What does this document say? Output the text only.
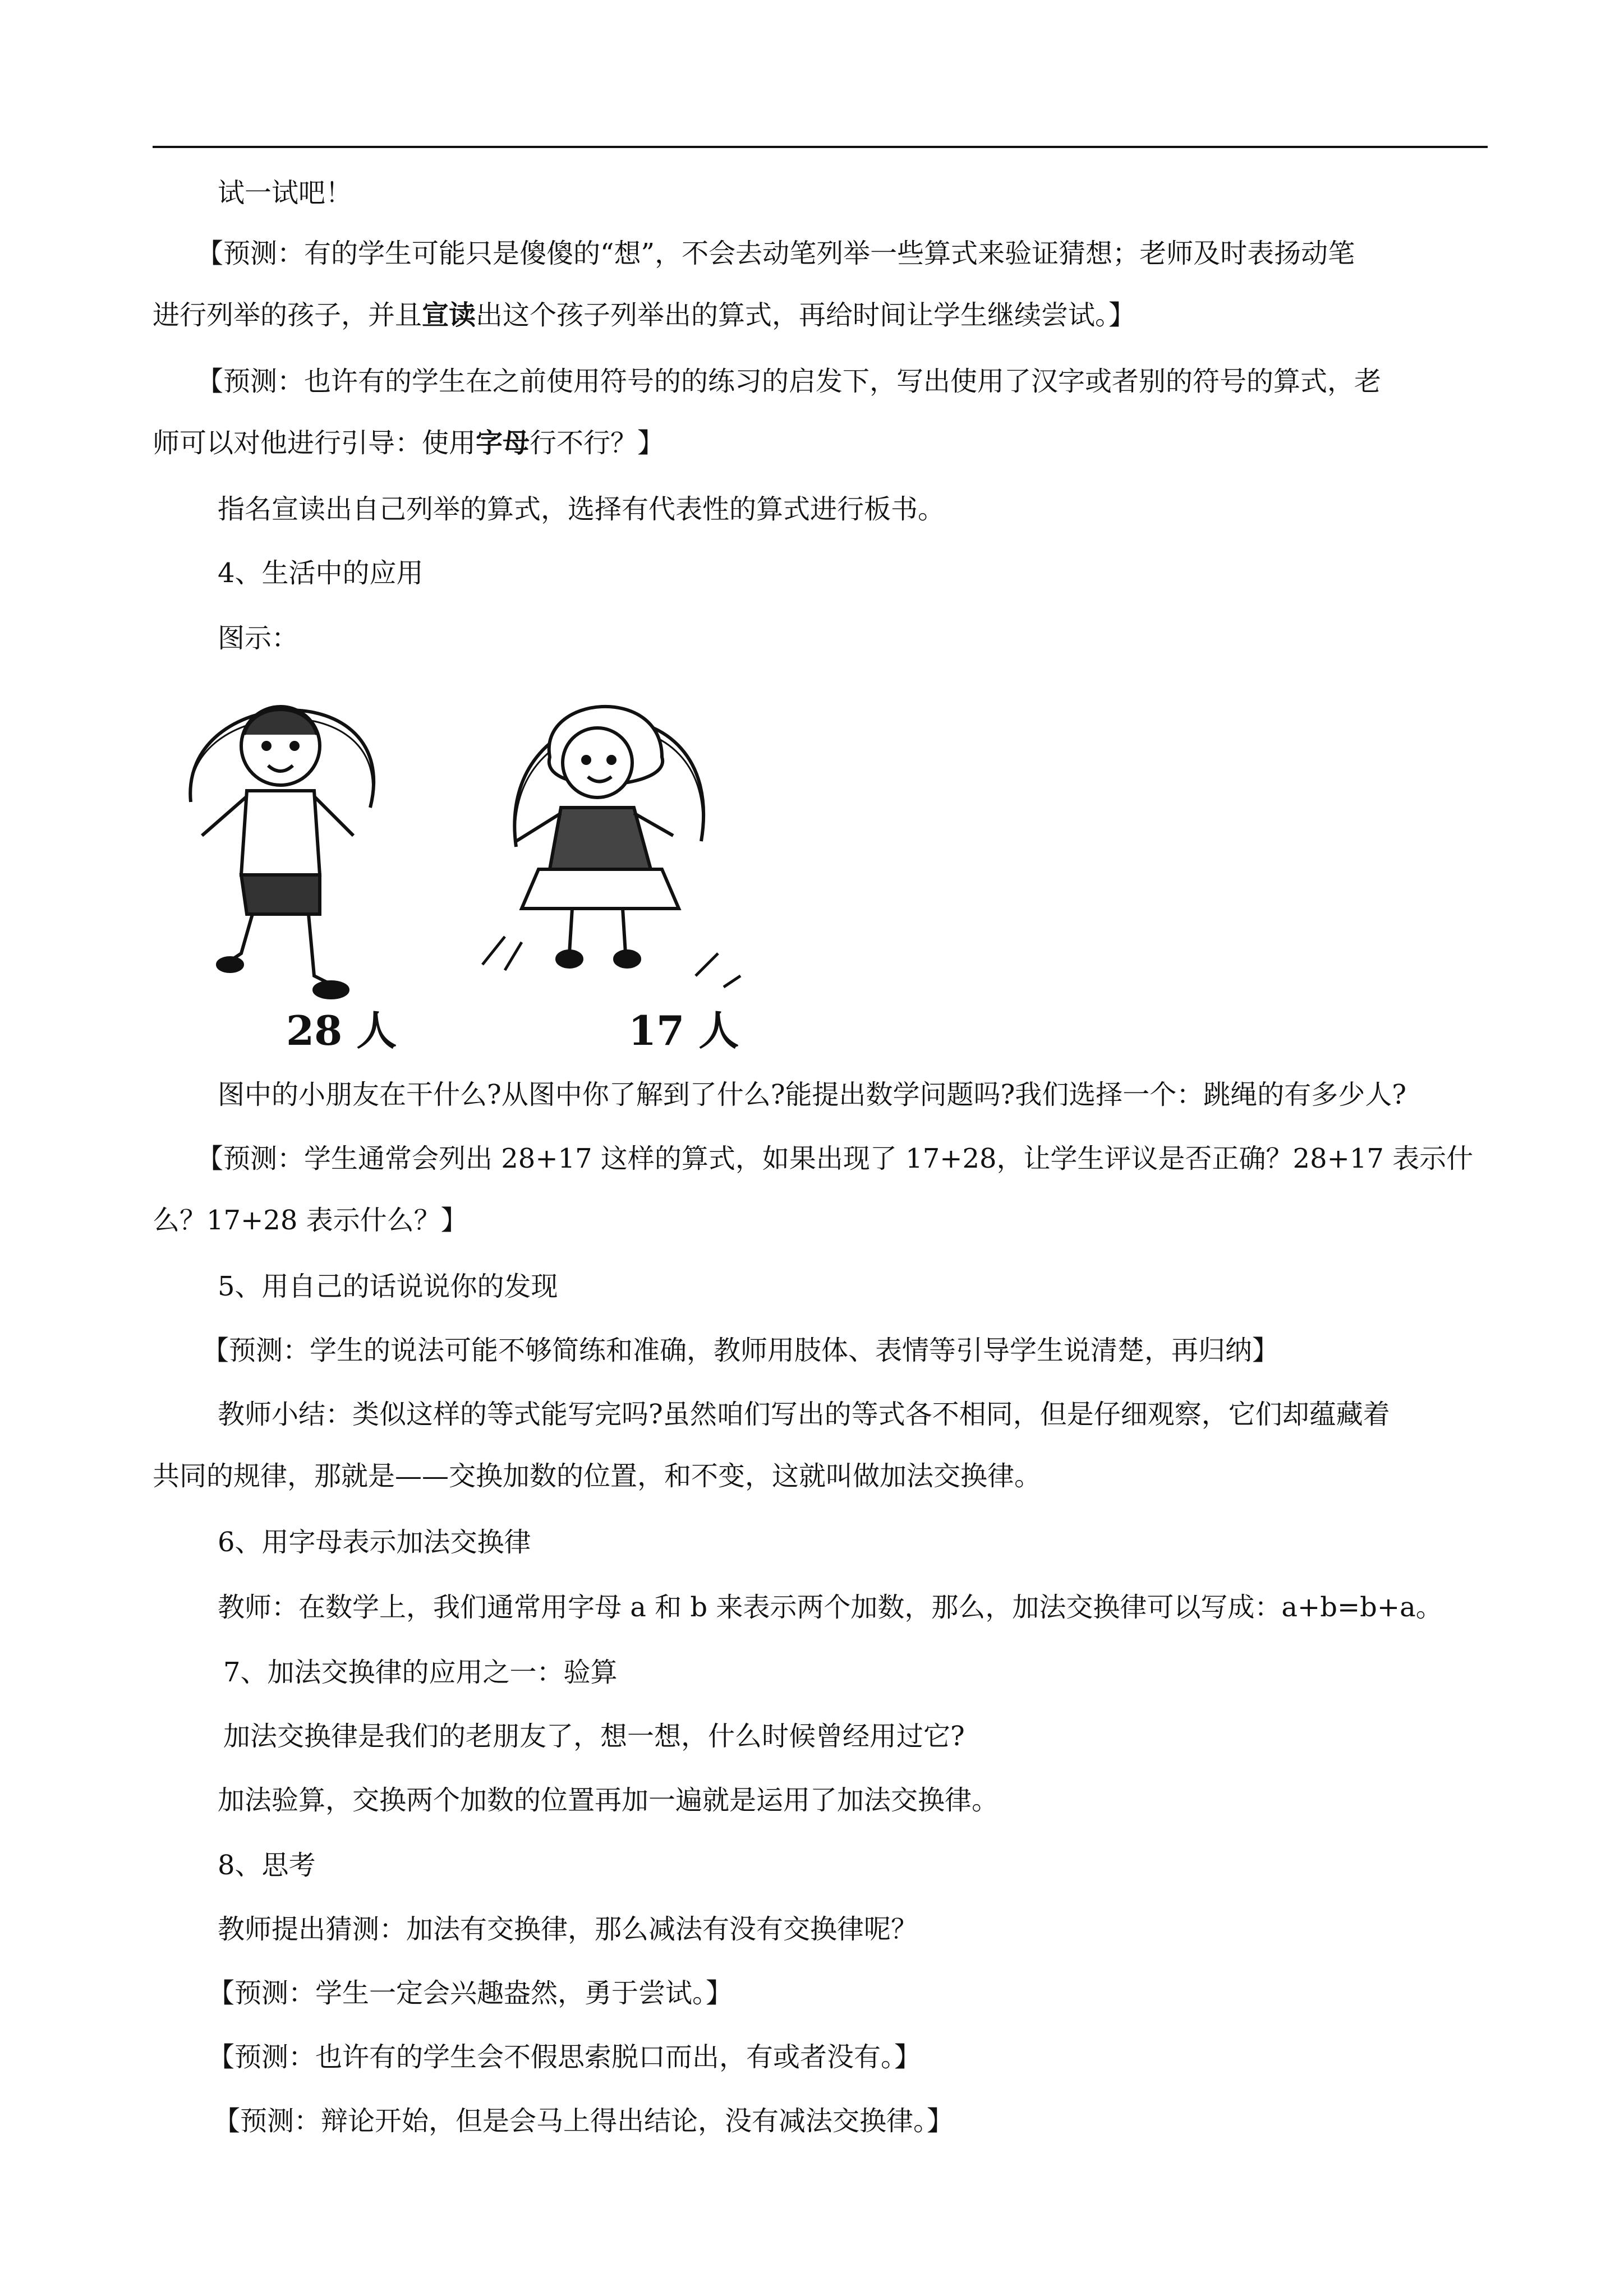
试一试吧！

【预测：有的学生可能只是傻傻的“想”，不会去动笔列举一些算式来验证猜想；老师及时表扬动笔

进行列举的孩子，并且宣读出这个孩子列举出的算式，再给时间让学生继续尝试。】

【预测：也许有的学生在之前使用符号的的练习的启发下，写出使用了汉字或者别的符号的算式，老

师可以对他进行引导：使用字母行不行？】

指名宣读出自己列举的算式，选择有代表性的算式进行板书。

4、生活中的应用

图示：

28 人	17 人

图中的小朋友在干什么?从图中你了解到了什么?能提出数学问题吗?我们选择一个：跳绳的有多少人?

【预测：学生通常会列出 28+17 这样的算式，如果出现了 17+28，让学生评议是否正确？28+17 表示什

么？17+28 表示什么？】

5、用自己的话说说你的发现

【预测：学生的说法可能不够简练和准确，教师用肢体、表情等引导学生说清楚，再归纳】

教师小结：类似这样的等式能写完吗?虽然咱们写出的等式各不相同，但是仔细观察，它们却蕴藏着

共同的规律，那就是——交换加数的位置，和不变，这就叫做加法交换律。

6、用字母表示加法交换律

教师：在数学上，我们通常用字母 a 和 b 来表示两个加数，那么，加法交换律可以写成：a+b=b+a。

7、加法交换律的应用之一：验算

加法交换律是我们的老朋友了，想一想，什么时候曾经用过它?

加法验算，交换两个加数的位置再加一遍就是运用了加法交换律。

8、思考

教师提出猜测：加法有交换律，那么减法有没有交换律呢？

【预测：学生一定会兴趣盎然，勇于尝试。】

【预测：也许有的学生会不假思索脱口而出，有或者没有。】

【预测：辩论开始，但是会马上得出结论，没有减法交换律。】
